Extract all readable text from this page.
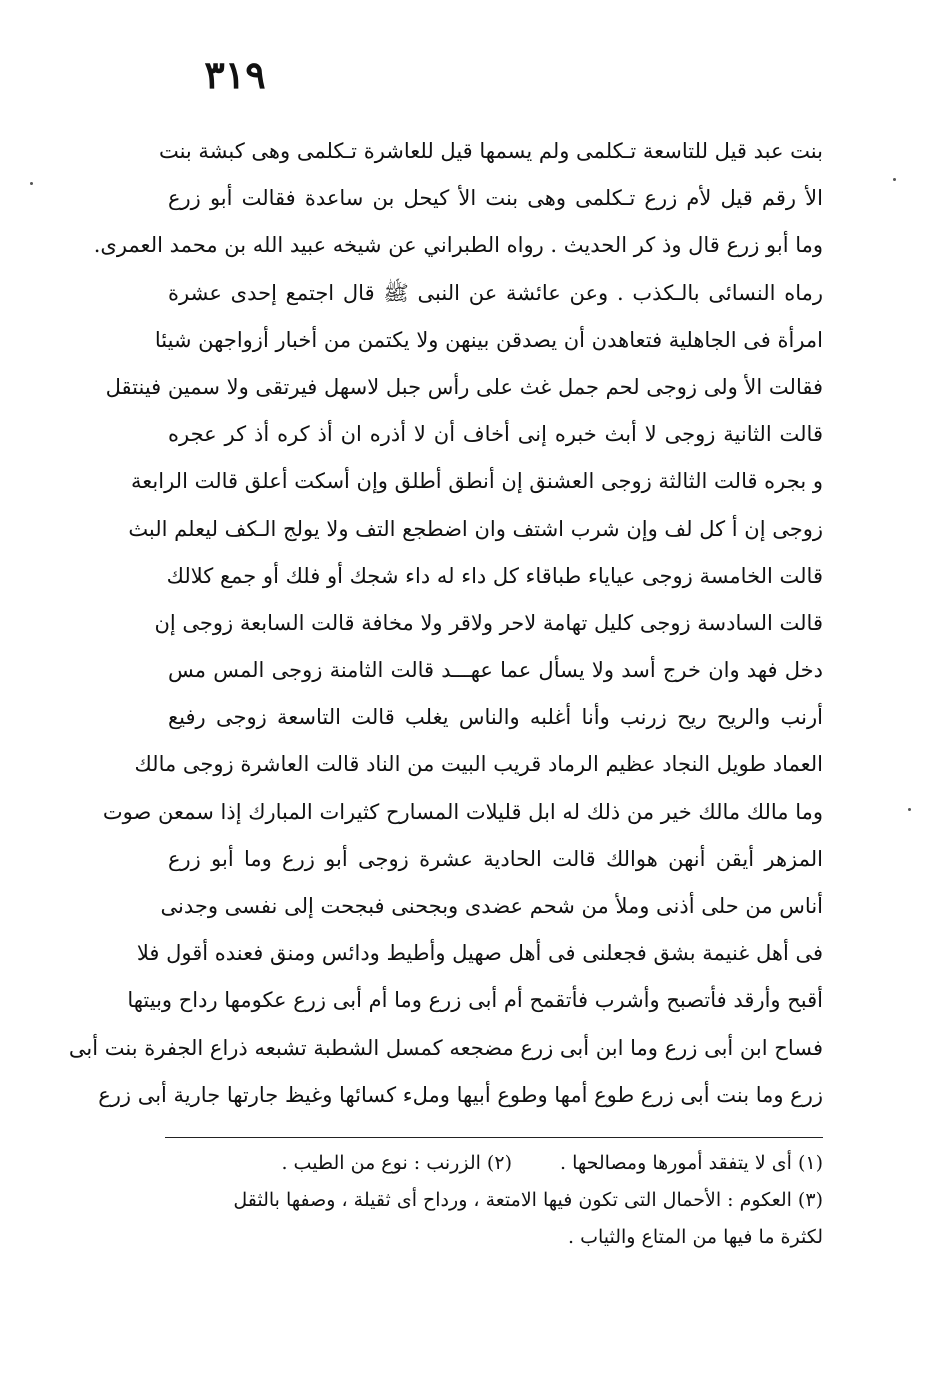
٣١٩
بنت عبد قيل للتاسعة تـكلمى ولم يسمها قيل للعاشرة تـكلمى وهى كبشة بنت
الأ رقم قيل لأم زرع تـكلمى وهى بنت الأ كيحل بن ساعدة فقالت أبو زرع
وما أبو زرع قال وذ كر الحديث . رواه الطبراني عن شيخه عبيد الله بن محمد العمرى.
رماه النسائى بالـكذب . وعن عائشة عن النبى ﷺ قال اجتمع إحدى عشرة
امرأة فى الجاهلية فتعاهدن أن يصدقن بينهن ولا يكتمن من أخبار أزواجهن شيئا
فقالت الأ ولى زوجى لحم جمل غث على رأس جبل لاسهل فيرتقى ولا سمين فينتقل
قالت الثانية زوجى لا أبث خبره إنى أخاف أن لا أذره ان أذ كره أذ كر عجره
و بجره قالت الثالثة زوجى العشنق إن أنطق أطلق وإن أسكت أعلق قالت الرابعة
زوجى إن أ كل لف وإن شرب اشتف وان اضطجع التف ولا يولج الـكف ليعلم البث
قالت الخامسة زوجى عياياء طباقاء كل داء له داء شجك أو فلك أو جمع كلالك
قالت السادسة زوجى كليل تهامة لاحر ولاقر ولا مخافة قالت السابعة زوجى إن
دخل فهد وان خرج أسد ولا يسأل عما عهـــد قالت الثامنة زوجى المس مس
أرنب والريح ريح زرنب وأنا أغلبه والناس يغلب قالت التاسعة زوجى رفيع
العماد طويل النجاد عظيم الرماد قريب البيت من الناد قالت العاشرة زوجى مالك
وما مالك مالك خير من ذلك له ابل قليلات المسارح كثيرات المبارك إذا سمعن صوت
المزهر أيقن أنهن هوالك قالت الحادية عشرة زوجى أبو زرع وما أبو زرع
أناس من حلى أذنى وملأ من شحم عضدى وبجحنى فبجحت إلى نفسى وجدنى
فى أهل غنيمة بشق فجعلنى فى أهل صهيل وأطيط ودائس ومنق فعنده أقول فلا
أقبح وأرقد فأتصبح وأشرب فأتقمح أم أبى زرع وما أم أبى زرع عكومها رداح وبيتها
فساح ابن أبى زرع وما ابن أبى زرع مضجعه كمسل الشطبة تشبعه ذراع الجفرة بنت أبى
زرع وما بنت أبى زرع طوع أمها وطوع أبيها وملء كسائها وغيظ جارتها جارية أبى زرع
(١) أى لا يتفقد أمورها ومصالحها .
(٢) الزرنب : نوع من الطيب .
(٣) العكوم : الأحمال التى تكون فيها الامتعة ، ورداح أى ثقيلة ، وصفها بالثقل
لكثرة ما فيها من المتاع والثياب .
